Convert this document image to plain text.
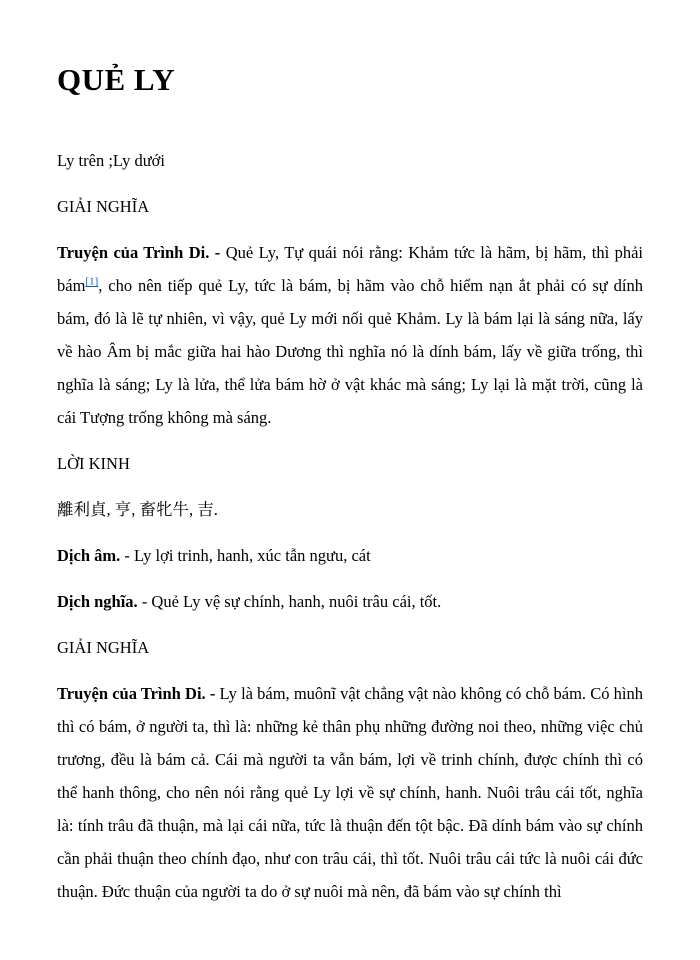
QUẺ LY

Ly trên ;Ly dưới

GIẢI NGHĨA

Truyện của Trình Di. - Quẻ Ly, Tự quái nói rằng: Khảm tức là hãm, bị hãm, thì phải bám[1], cho nên tiếp quẻ Ly, tức là bám, bị hãm vào chỗ hiểm nạn ắt phải có sự dính bám, đó là lẽ tự nhiên, vì vậy, quẻ Ly mới nối quẻ Khảm. Ly là bám lại là sáng nữa, lấy về hào Âm bị mắc giữa hai hào Dương thì nghĩa nó là dính bám, lấy về giữa trống, thì nghĩa là sáng; Ly là lửa, thể lửa bám hờ ở vật khác mà sáng; Ly lại là mặt trời, cũng là cái Tượng trống không mà sáng.

LỜI KINH

離利貞, 亨, 畜牝牛, 吉.

Dịch âm. - Ly lợi trinh, hanh, xúc tẫn ngưu, cát

Dịch nghĩa. - Quẻ Ly vệ sự chính, hanh, nuôi trâu cái, tốt.

GIẢI NGHĨA

Truyện của Trình Di. - Ly là bám, muônĩ vật chẳng vật nào không có chỗ bám. Có hình thì có bám, ở người ta, thì là: những kẻ thân phụ những đường noi theo, những việc chủ trương, đều là bám cả. Cái mà người ta vẫn bám, lợi về trinh chính, được chính thì có thể hanh thông, cho nên nói rằng quẻ Ly lợi về sự chính, hanh. Nuôi trâu cái tốt, nghĩa là: tính trâu đã thuận, mà lại cái nữa, tức là thuận đến tột bậc. Đã dính bám vào sự chính cần phải thuận theo chính đạo, như con trâu cái, thì tốt. Nuôi trâu cái tức là nuôi cái đức thuận. Đức thuận của người ta do ở sự nuôi mà nên, đã bám vào sự chính thì
